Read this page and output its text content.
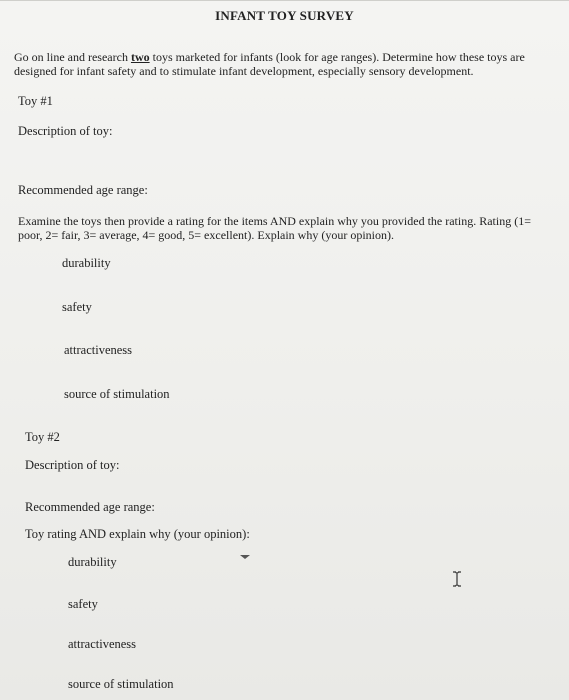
INFANT TOY SURVEY
Go on line and research two toys marketed for infants (look for age ranges). Determine how these toys are designed for infant safety and to stimulate infant development, especially sensory development.
Toy #1
Description of toy:
Recommended age range:
Examine the toys then provide a rating for the items AND explain why you provided the rating. Rating (1= poor, 2= fair, 3= average, 4= good, 5= excellent). Explain why (your opinion).
durability
safety
attractiveness
source of stimulation
Toy #2
Description of toy:
Recommended age range:
Toy rating AND explain why (your opinion):
durability
safety
attractiveness
source of stimulation
